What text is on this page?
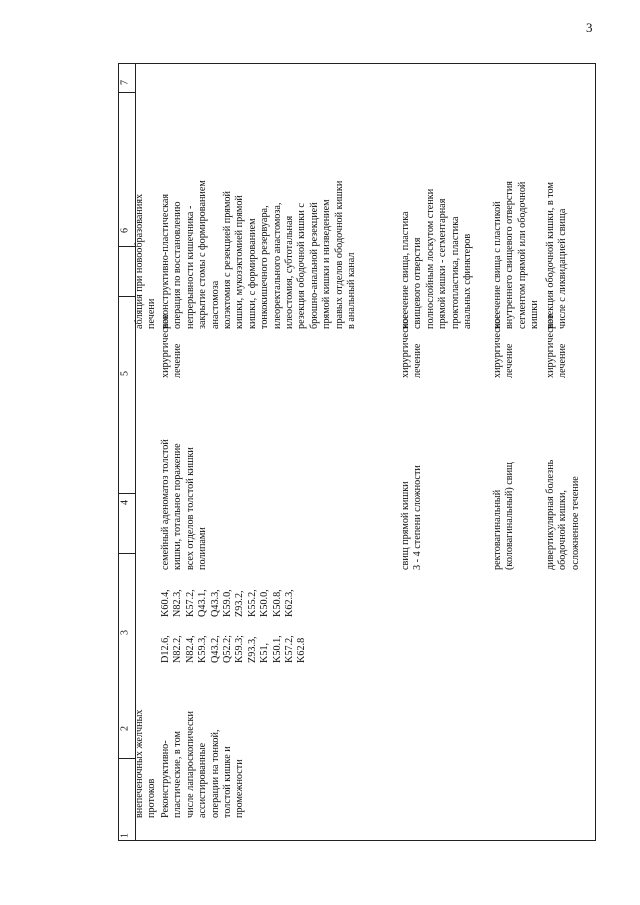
3
1
2
3
4
5
6
7
внепеченочных желчных протоков
абляция при новообразованиях печени
Реконструктивно- пластические, в том числе лапароскопически ассистированные операции на тонкой, толстой кишке и промежности
D12.6, N82.2, N82.4, K59.3, Q43.2, Q52.2; K59.3; Z93.3, K51, K50.1, K57.2, K62.8
K60.4, N82.3, K57.2, Q43.1, Q43.3, K59.0, Z93.2, K55.2, K50.0, K50.8, K62.3,
семейный аденоматоз толстой кишки, тотальное поражение всех отделов толстой кишки полипами
хирургическое лечение
реконструктивно-пластическая операция по восстановлению непрерывности кишечника - закрытие стомы с формированием анастомоза колэктомия с резекцией прямой кишки, мукозэктомией прямой кишки, с формированием тонкокишечного резервуара, илеоректального анастомоза, илеостомия, субтотальная резекция ободочной кишки с брюшно-анальной резекцией прямой кишки и низведением правых отделов ободочной кишки в анальный канал
свищ прямой кишки 3 - 4 степени сложности
хирургическое лечение
иссечение свища, пластика свищевого отверстия полнослойным лоскутом стенки прямой кишки - сегментарная проктопластика, пластика анальных сфинктеров
ректовагинальный (коловагинальный) свищ
хирургическое лечение
иссечение свища с пластикой внутреннего свищевого отверстия сегментом прямой или ободочной кишки
дивертикулярная болезнь ободочной кишки, осложненное течение
хирургическое лечение
резекция ободочной кишки, в том числе с ликвидацией свища
